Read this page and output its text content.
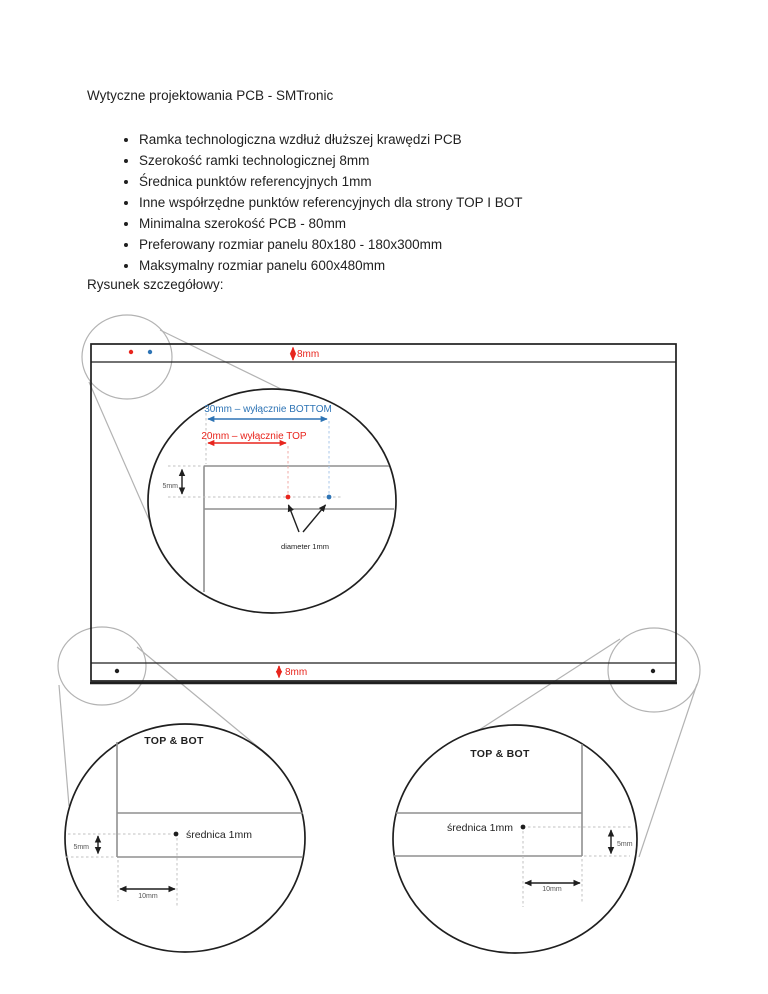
Wytyczne projektowania PCB - SMTronic
• Ramka technologiczna wzdłuż dłuższej krawędzi PCB
• Szerokość ramki technologicznej 8mm
• Średnica punktów referencyjnych 1mm
• Inne współrzędne punktów referencyjnych dla strony TOP I BOT
• Minimalna szerokość PCB - 80mm
• Preferowany rozmiar panelu 80x180 - 180x300mm
• Maksymalny rozmiar panelu 600x480mm
Rysunek szczegółowy:
8mm
8mm
30mm – wyłącznie BOTTOM
20mm – wyłącznie TOP
5mm
diameter 1mm
TOP & BOT
średnica 1mm
5mm
10mm
TOP & BOT
średnica 1mm
5mm
10mm
